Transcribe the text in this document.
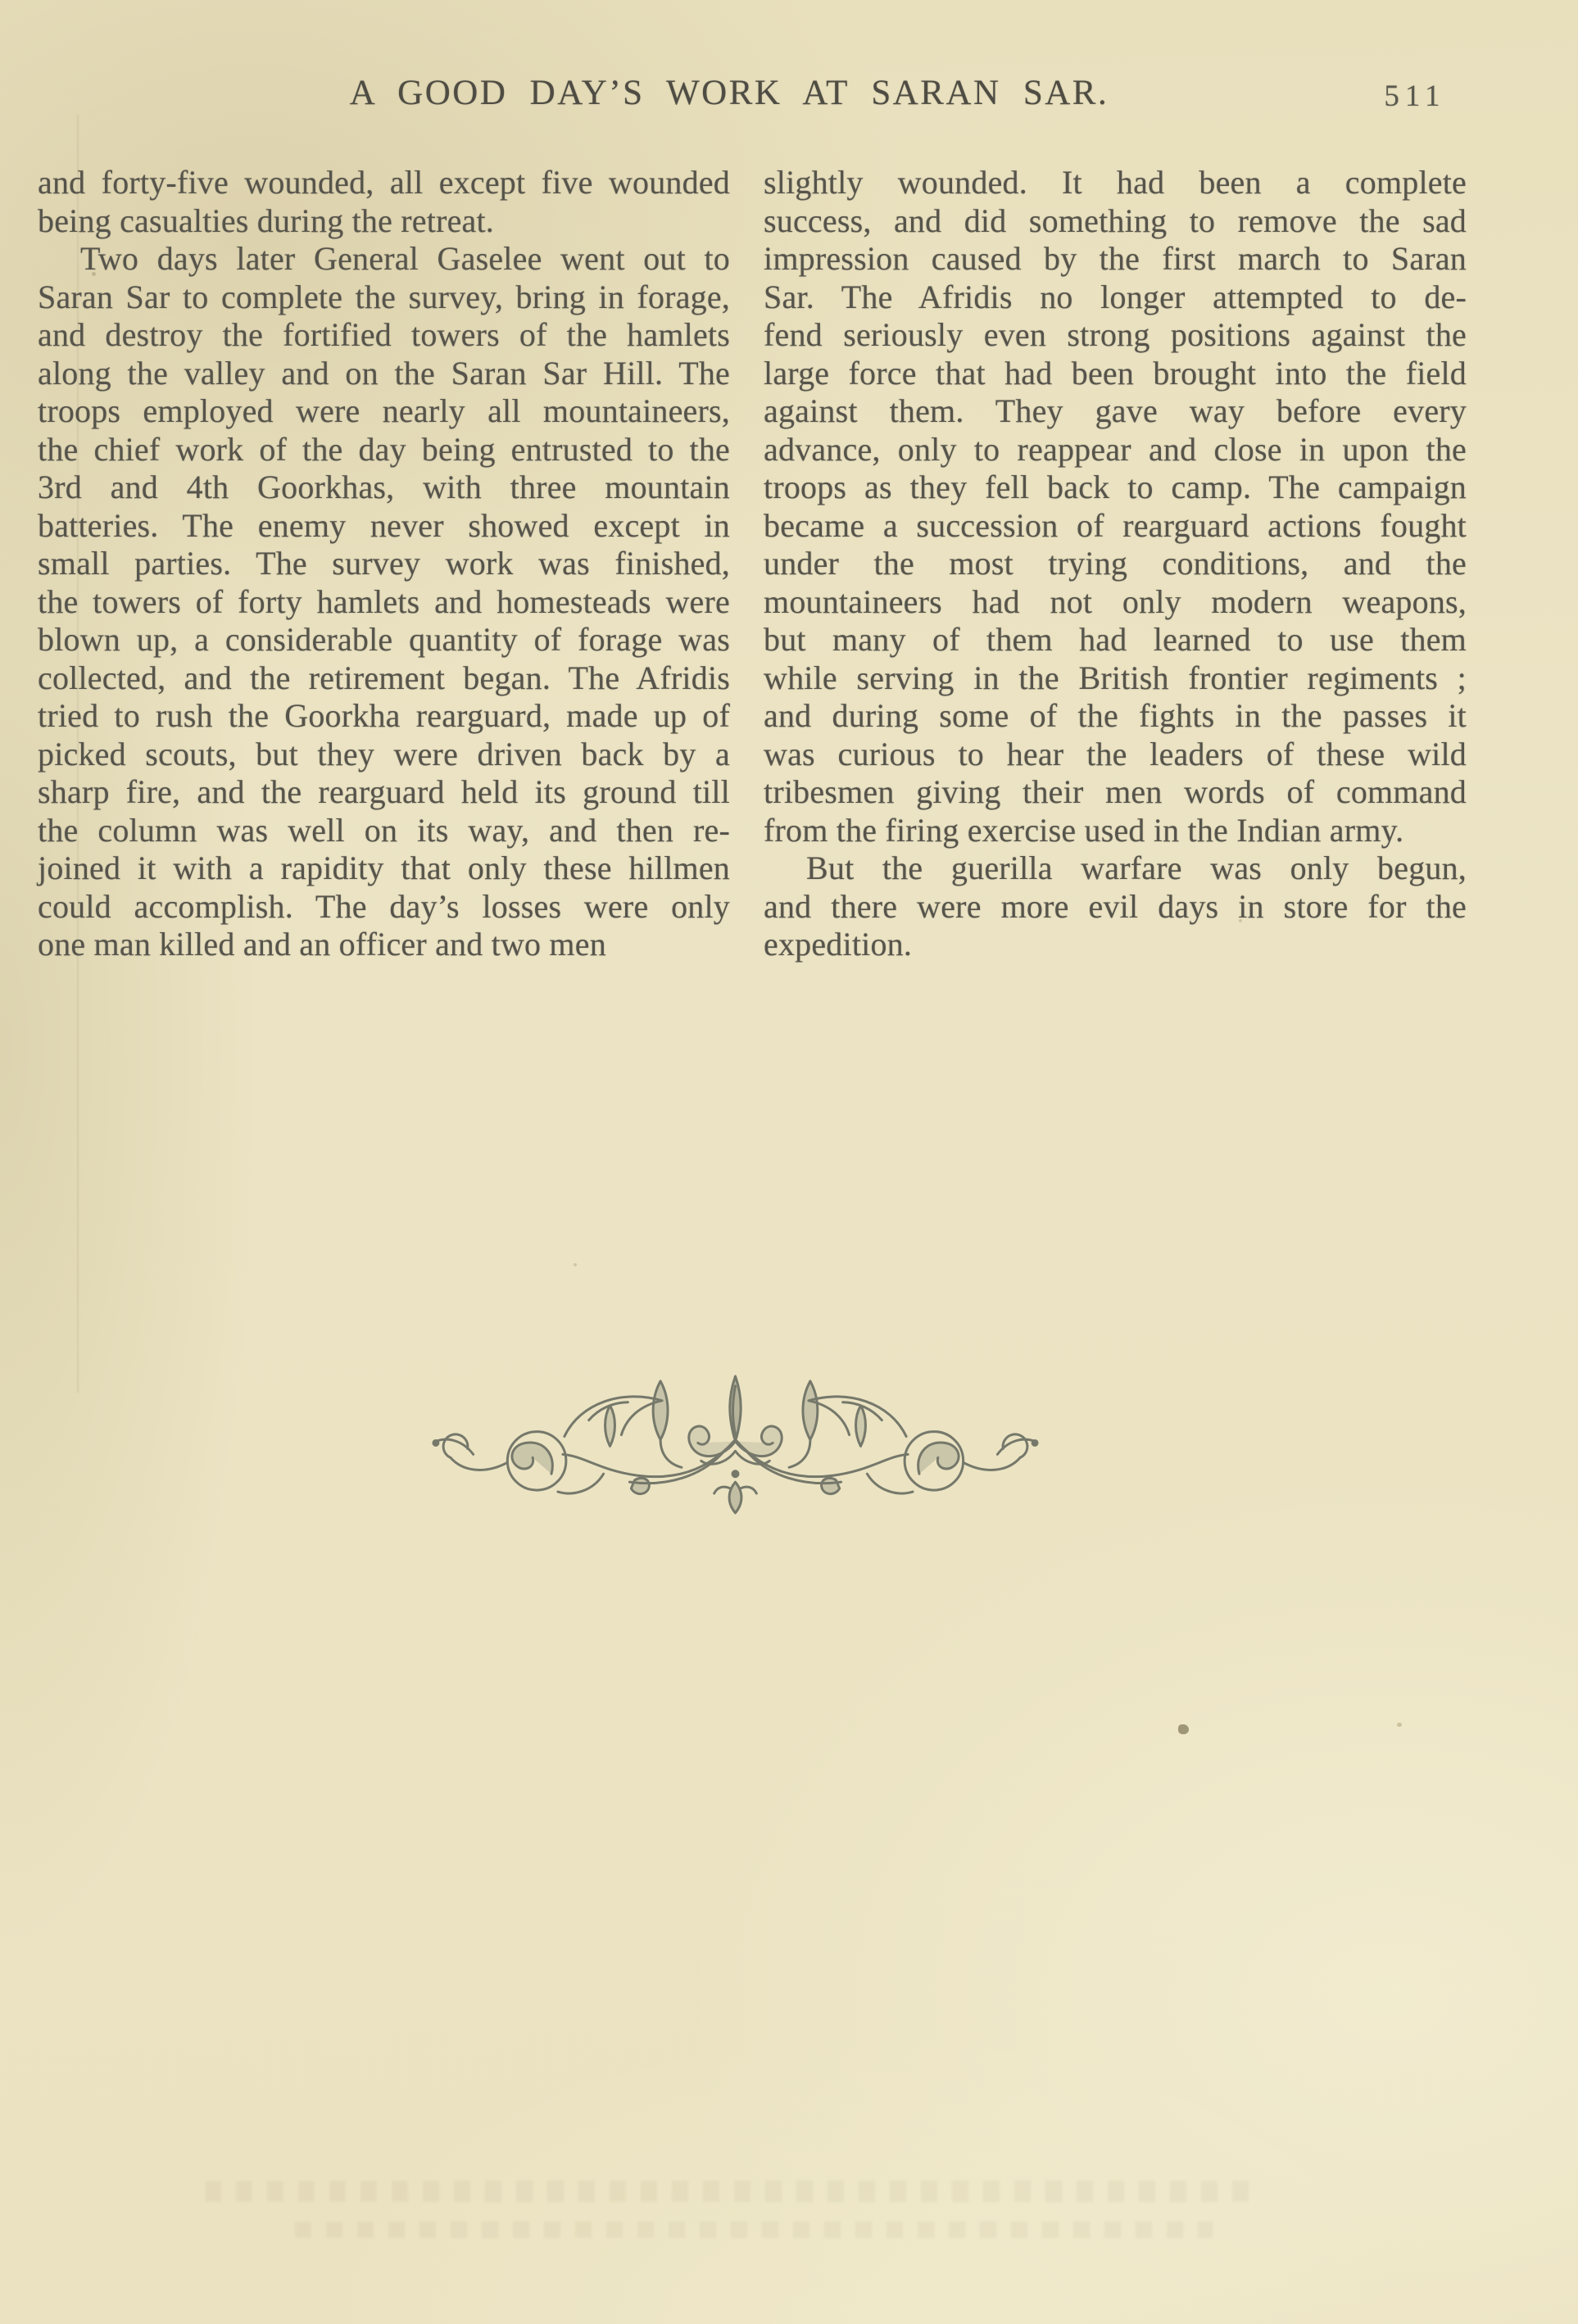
A GOOD DAY’S WORK AT SARAN SAR.	511
and forty-five wounded, all except five wounded
being casualties during the retreat.
Two days later General Gaselee went out to
Saran Sar to complete the survey, bring in forage,
and destroy the fortified towers of the hamlets
along the valley and on the Saran Sar Hill. The
troops employed were nearly all mountaineers,
the chief work of the day being entrusted to the
3rd and 4th Goorkhas, with three mountain
batteries. The enemy never showed except in
small parties. The survey work was finished,
the towers of forty hamlets and homesteads were
blown up, a considerable quantity of forage was
collected, and the retirement began. The Afridis
tried to rush the Goorkha rearguard, made up of
picked scouts, but they were driven back by a
sharp fire, and the rearguard held its ground till
the column was well on its way, and then re-
joined it with a rapidity that only these hillmen
could accomplish. The day’s losses were only
one man killed and an officer and two men
slightly wounded. It had been a complete
success, and did something to remove the sad
impression caused by the first march to Saran
Sar. The Afridis no longer attempted to de-
fend seriously even strong positions against the
large force that had been brought into the field
against them. They gave way before every
advance, only to reappear and close in upon the
troops as they fell back to camp. The campaign
became a succession of rearguard actions fought
under the most trying conditions, and the
mountaineers had not only modern weapons,
but many of them had learned to use them
while serving in the British frontier regiments ;
and during some of the fights in the passes it
was curious to hear the leaders of these wild
tribesmen giving their men words of command
from the firing exercise used in the Indian army.
But the guerilla warfare was only begun,
and there were more evil days in store for the
expedition.
